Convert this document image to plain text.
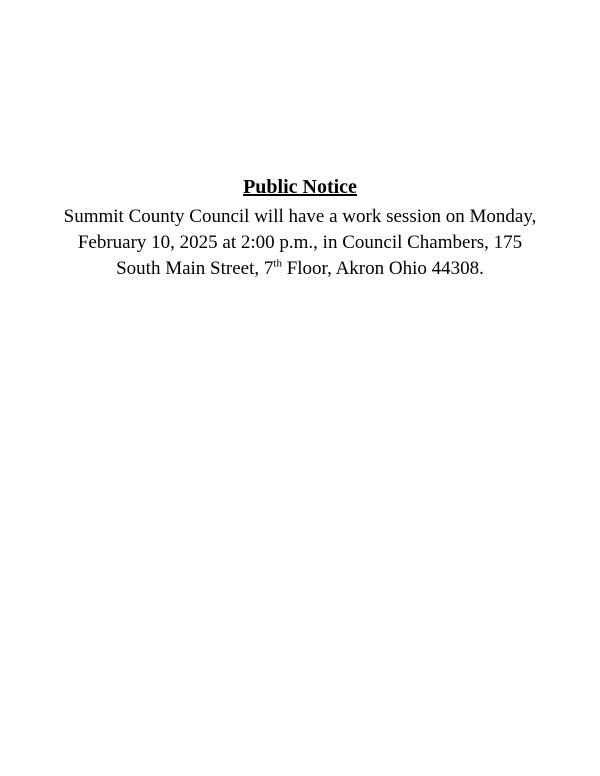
Public Notice

Summit County Council will have a work session on Monday, February 10, 2025 at 2:00 p.m., in Council Chambers, 175 South Main Street, 7th Floor, Akron Ohio 44308.
